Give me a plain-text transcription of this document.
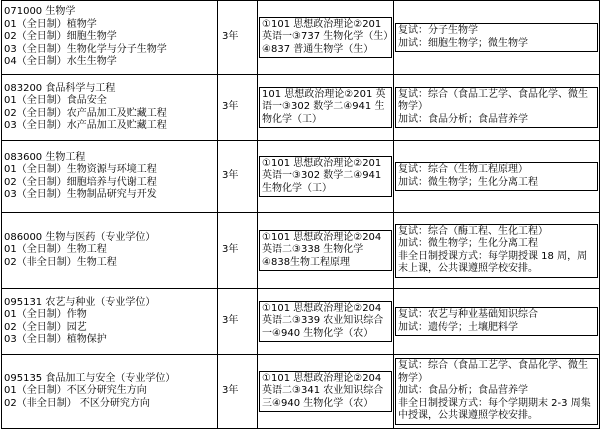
071000 生物学
01（全日制）植物学
02（全日制）细胞生物学
03（全日制）生物化学与分子生物学
04（全日制）水生生物学	3年	①101 思想政治理论②201英语一③737 生物化学（生）④837 普通生物学（生）	复试：分子生物学
加试：细胞生物学；微生物学

083200 食品科学与工程
01（全日制）食品安全
02（全日制）农产品加工及贮藏工程
03（全日制）水产品加工及贮藏工程	3年	101 思想政治理论②201 英语一③302 数学二④941 生物化学（工）	复试：综合（食品工艺学、食品化学、微生物学）
加试：食品分析；食品营养学

083600 生物工程
01（全日制）生物资源与环境工程
02（全日制）细胞培养与代谢工程
03（全日制）生物制品研究与开发	3年	①101 思想政治理论②201英语一③302 数学二④941生物化学（工）	复试：综合（生物工程原理）
加试：微生物学；生化分离工程

086000 生物与医药（专业学位）
01（全日制）生物工程
02（非全日制）生物工程	3年	①101 思想政治理论②204英语二③338 生物化学④838生物工程原理	复试：综合（酶工程、生化工程）
加试：微生物学；生化分离工程
非全日制授课方式：每学期授课 18 周，周末上课，公共课遵照学校安排。

095131 农艺与种业（专业学位）
01（全日制）作物
02（全日制）园艺
03（全日制）植物保护	3年	①101 思想政治理论②204英语二③339 农业知识综合一④940 生物化学（农）	复试：农艺与种业基础知识综合
加试：遗传学；土壤肥料学

095135 食品加工与安全（专业学位）
01（全日制）不区分研究生方向
02（非全日制） 不区分研究方向	3年	①101 思想政治理论②204英语二③341 农业知识综合三④940 生物化学（农）	复试：综合（食品工艺学、食品化学、微生物学）
加试：食品分析；食品营养学
非全日制授课方式：每个学期期末 2-3 周集中授课，公共课遵照学校安排。
